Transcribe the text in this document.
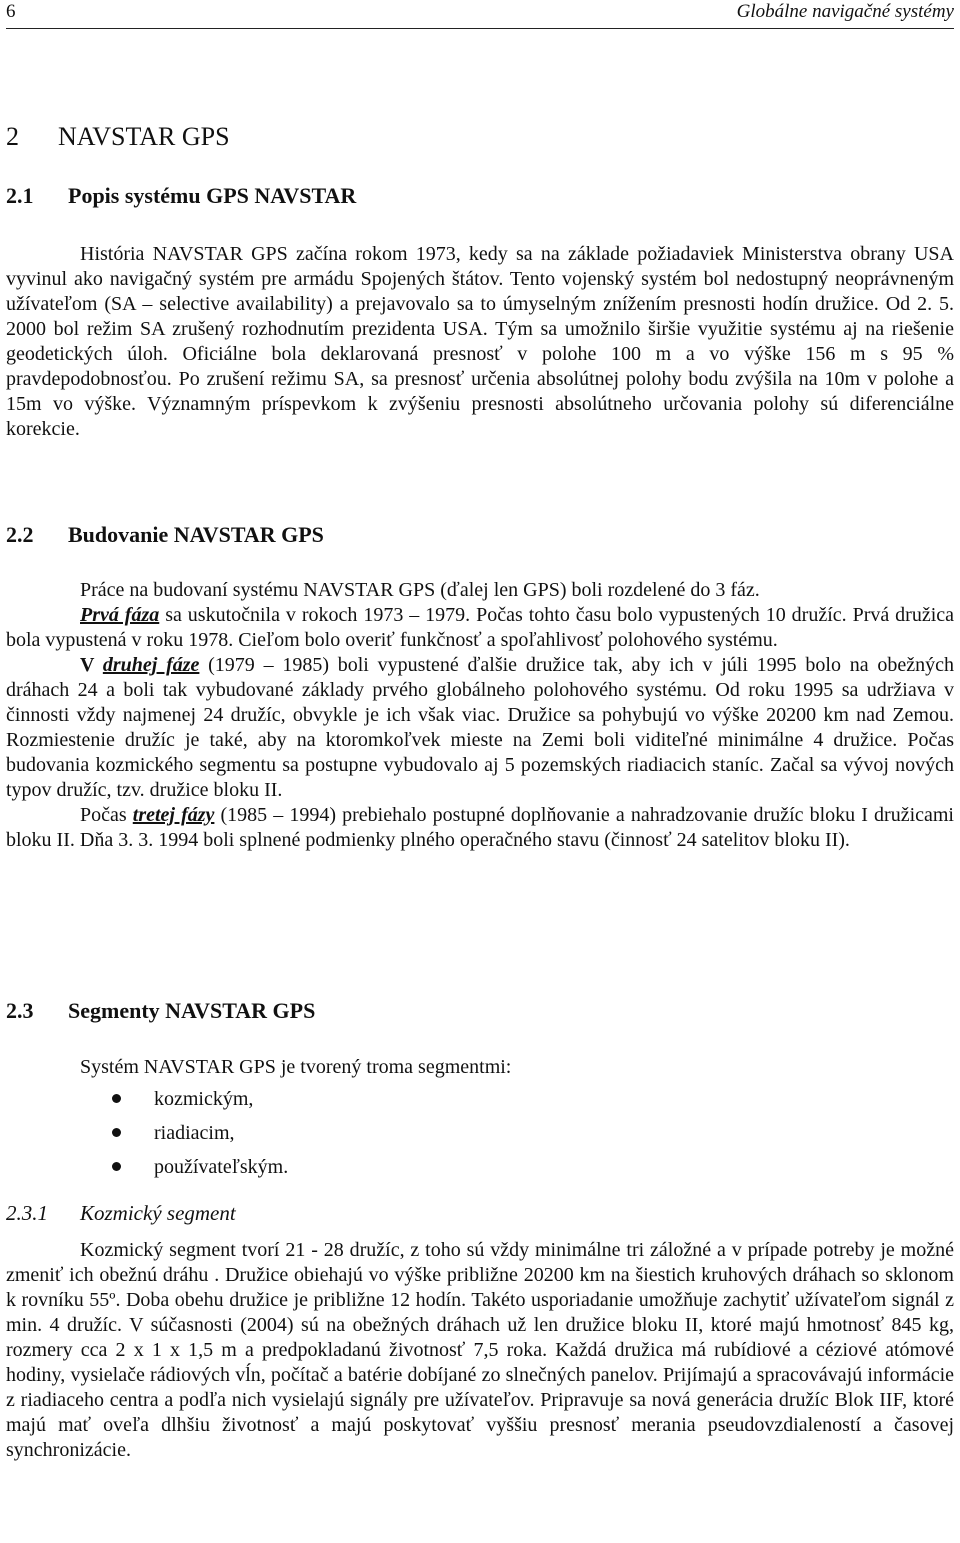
6	Globálne navigačné systémy
2 NAVSTAR GPS
2.1 Popis systému GPS NAVSTAR

História NAVSTAR GPS začína rokom 1973, kedy sa na základe požiadaviek Ministerstva obrany USA vyvinul ako navigačný systém pre armádu Spojených štátov. Tento vojenský systém bol nedostupný neoprávneným užívateľom (SA – selective availability) a prejavovalo sa to úmyselným znížením presnosti hodín družice. Od 2. 5. 2000 bol režim SA zrušený rozhodnutím prezidenta USA. Tým sa umožnilo širšie využitie systému aj na riešenie geodetických úloh. Oficiálne bola deklarovaná presnosť v polohe 100 m a vo výške 156 m s 95 % pravdepodobnosťou. Po zrušení režimu SA, sa presnosť určenia absolútnej polohy bodu zvýšila na 10m v polohe a 15m vo výške. Významným príspevkom k zvýšeniu presnosti absolútneho určovania polohy sú diferenciálne korekcie.

2.2 Budovanie NAVSTAR GPS

Práce na budovaní systému NAVSTAR GPS (ďalej len GPS) boli rozdelené do 3 fáz.

Prvá fáza sa uskutočnila v rokoch 1973 – 1979. Počas tohto času bolo vypustených 10 družíc. Prvá družica bola vypustená v roku 1978. Cieľom bolo overiť funkčnosť a spoľahlivosť polohového systému.

V druhej fáze (1979 – 1985) boli vypustené ďalšie družice tak, aby ich v júli 1995 bolo na obežných dráhach 24 a boli tak vybudované základy prvého globálneho polohového systému. Od roku 1995 sa udržiava v činnosti vždy najmenej 24 družíc, obvykle je ich však viac. Družice sa pohybujú vo výške 20200 km nad Zemou. Rozmiestenie družíc je také, aby na ktoromkoľvek mieste na Zemi boli viditeľné minimálne 4 družice. Počas budovania kozmického segmentu sa postupne vybudovalo aj 5 pozemských riadiacich staníc. Začal sa vývoj nových typov družíc, tzv. družice bloku II.

Počas tretej fázy (1985 – 1994) prebiehalo postupné doplňovanie a nahradzovanie družíc bloku I družicami bloku II. Dňa 3. 3. 1994 boli splnené podmienky plného operačného stavu (činnosť 24 satelitov bloku II).

2.3 Segmenty NAVSTAR GPS
Systém NAVSTAR GPS je tvorený troma segmentmi:
kozmickým,
riadiacim,
používateľským.
2.3.1 Kozmický segment

Kozmický segment tvorí 21 - 28 družíc, z toho sú vždy minimálne tri záložné a v prípade potreby je možné zmeniť ich obežnú dráhu . Družice obiehajú vo výške približne 20200 km na šiestich kruhových dráhach so sklonom k rovníku 55º. Doba obehu družice je približne 12 hodín. Takéto usporiadanie umožňuje zachytiť užívateľom signál z min. 4 družíc. V súčasnosti (2004) sú na obežných dráhach už len družice bloku II, ktoré majú hmotnosť 845 kg, rozmery cca 2 x 1 x 1,5 m a predpokladanú životnosť 7,5 roka. Každá družica má rubídiové a céziové atómové hodiny, vysielače rádiových vĺn, počítač a batérie dobíjané zo slnečných panelov. Prijímajú a spracovávajú informácie z riadiaceho centra a podľa nich vysielajú signály pre užívateľov. Pripravuje sa nová generácia družíc Blok IIF, ktoré majú mať oveľa dlhšiu životnosť a majú poskytovať vyššiu presnosť merania pseudovzdialeností a časovej synchronizácie.
